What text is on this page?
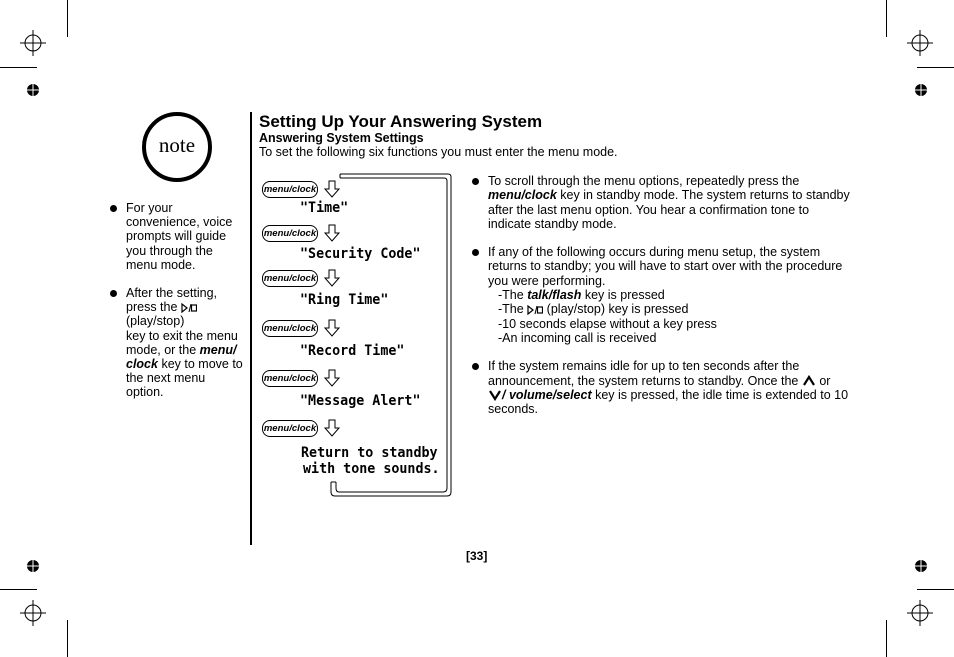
note
For your convenience, voice prompts will guide you through the menu mode.
After the setting, press the
(play/stop)
key to exit the menu mode, or the menu/ clock key to move to the next menu option.
Setting Up Your Answering System
Answering System Settings
To set the following six functions you must enter the menu mode.
menu/clock
menu/clock
menu/clock
menu/clock
menu/clock
menu/clock
"Time"
"Security Code"
"Ring Time"
"Record Time"
"Message Alert"
Return to standby
with tone sounds.
To scroll through the menu options, repeatedly press the
menu/clock key in standby mode. The system returns to standby after the last menu option. You hear a confirmation tone to indicate standby mode.
If any of the following occurs during menu setup, the system returns to standby; you will have to start over with the procedure you were performing.
-The talk/flash key is pressed
-The (play/stop) key is pressed
-10 seconds elapse without a key press
-An incoming call is received
If the system remains idle for up to ten seconds after the announcement, the system returns to standby. Once the or
/ volume/select key is pressed, the idle time is extended to 10 seconds.
[33]
